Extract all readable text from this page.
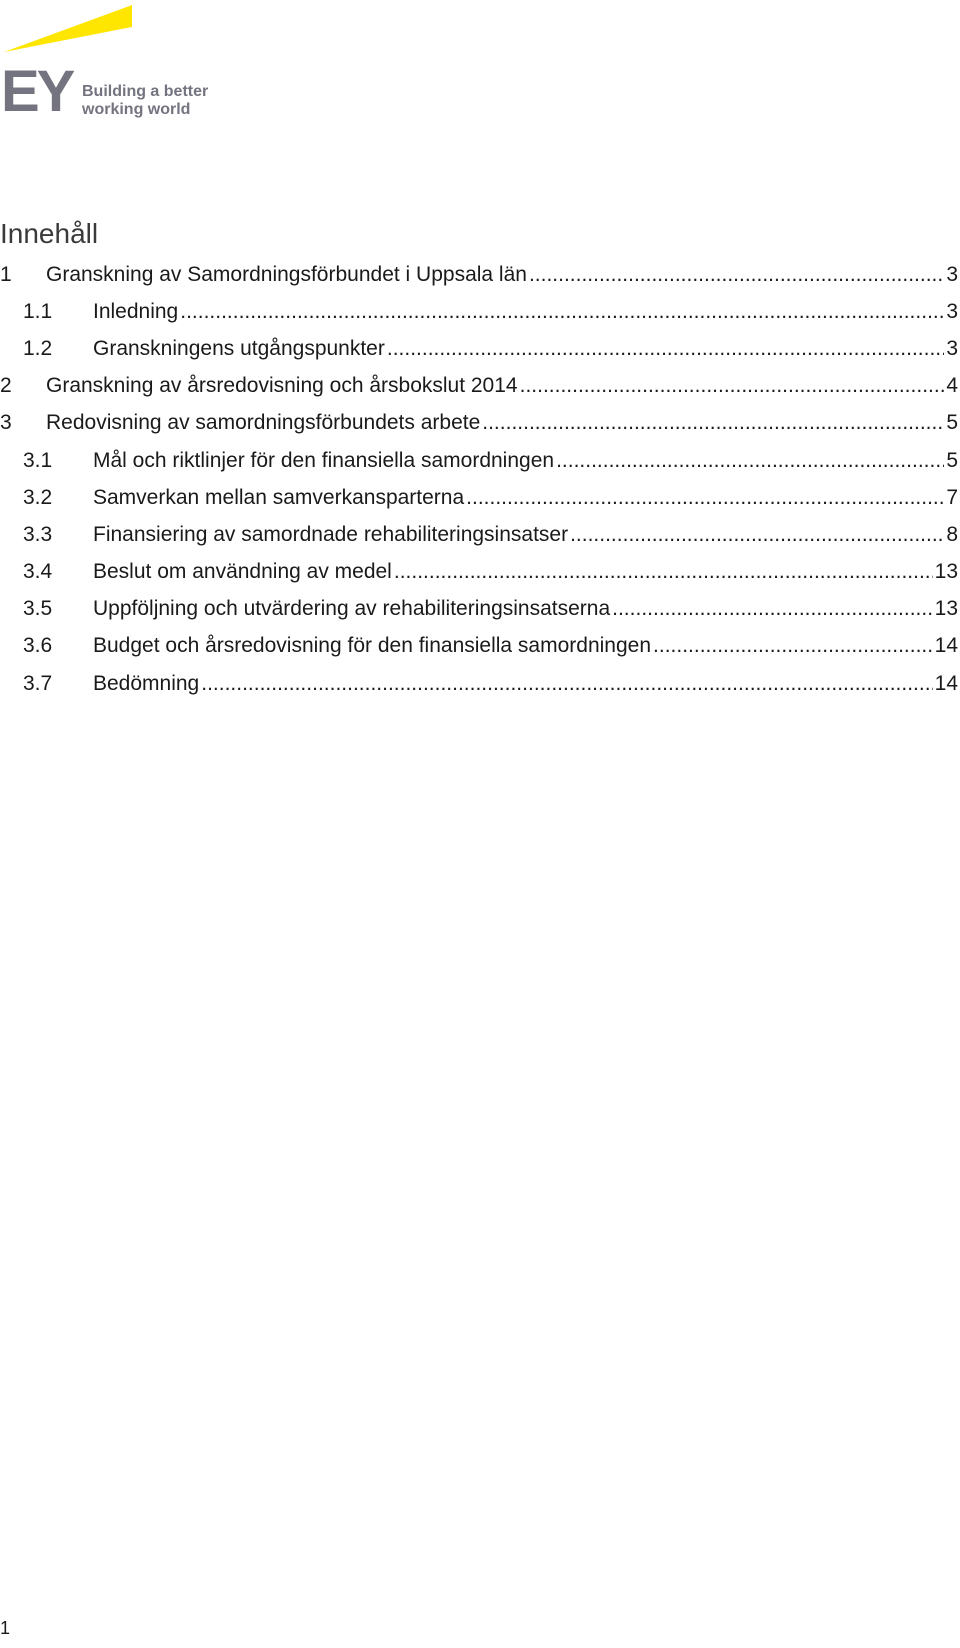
EY Building a better
working world
Innehåll
1	Granskning av Samordningsförbundet i Uppsala län .....	3
1.1	Inledning .....	3
1.2	Granskningens utgångspunkter .....	3
2	Granskning av årsredovisning och årsbokslut 2014 .....	4
3	Redovisning av samordningsförbundets arbete .....	5
3.1	Mål och riktlinjer för den finansiella samordningen .....	5
3.2	Samverkan mellan samverkansparterna .....	7
3.3	Finansiering av samordnade rehabiliteringsinsatser .....	8
3.4	Beslut om användning av medel .....	13
3.5	Uppföljning och utvärdering av rehabiliteringsinsatserna .....	13
3.6	Budget och årsredovisning för den finansiella samordningen .....	14
3.7	Bedömning .....	14
1
